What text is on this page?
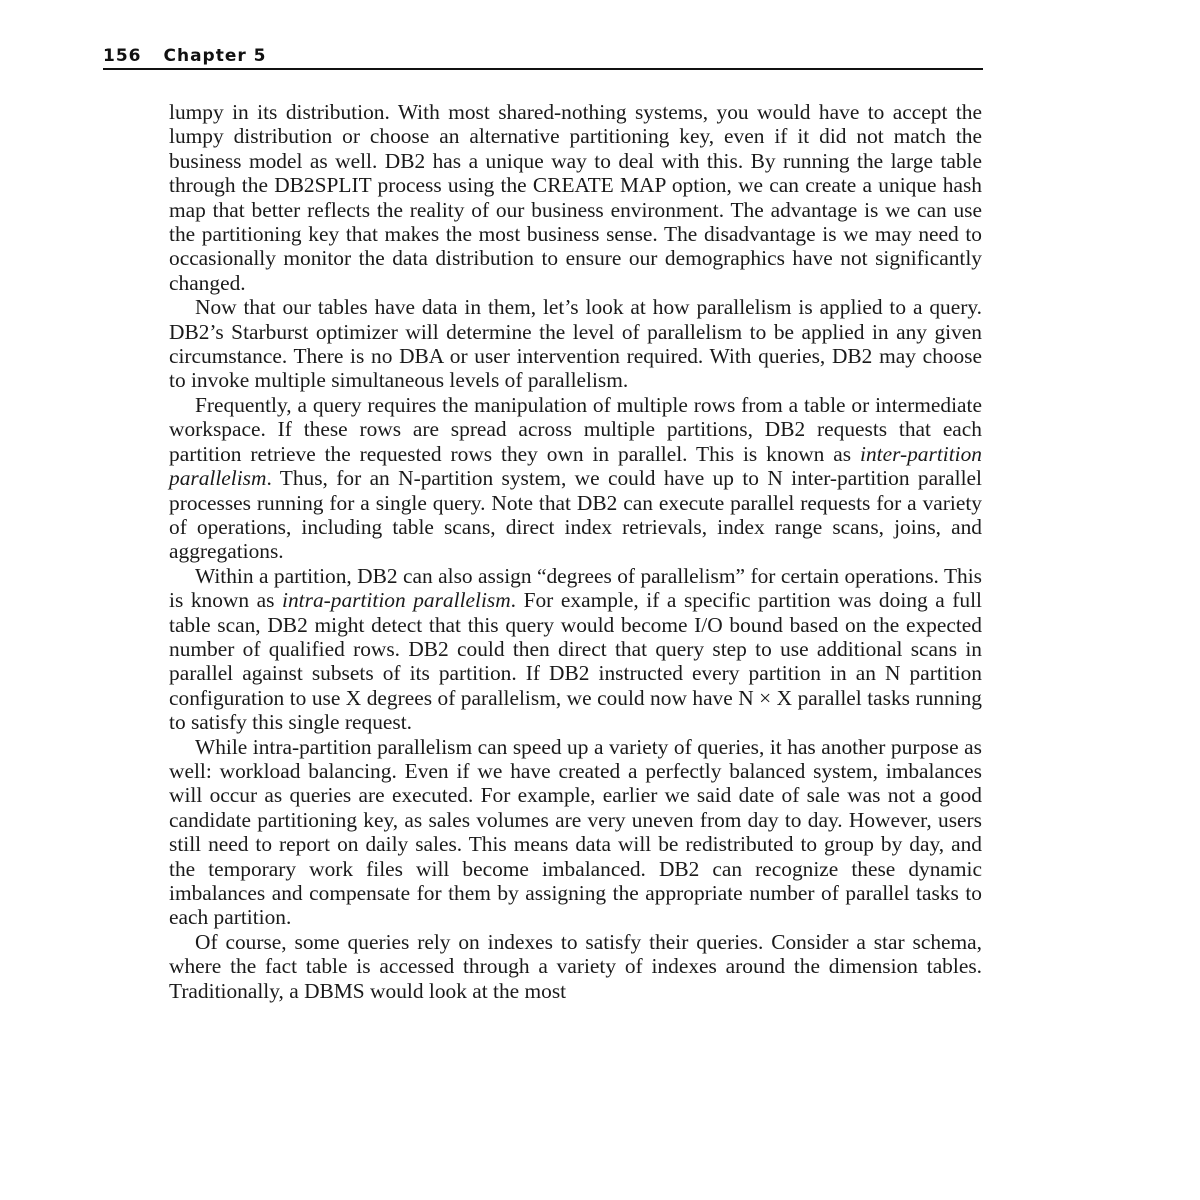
156 Chapter 5

lumpy in its distribution. With most shared-nothing systems, you would have to accept the lumpy distribution or choose an alternative partitioning key, even if it did not match the business model as well. DB2 has a unique way to deal with this. By running the large table through the DB2SPLIT process using the CREATE MAP option, we can create a unique hash map that better reflects the reality of our business environment. The advantage is we can use the partitioning key that makes the most business sense. The disadvantage is we may need to occasionally monitor the data distribution to ensure our demographics have not significantly changed.

Now that our tables have data in them, let’s look at how parallelism is applied to a query. DB2’s Starburst optimizer will determine the level of parallelism to be applied in any given circumstance. There is no DBA or user intervention required. With queries, DB2 may choose to invoke multiple simultaneous levels of parallelism.

Frequently, a query requires the manipulation of multiple rows from a table or intermediate workspace. If these rows are spread across multiple partitions, DB2 requests that each partition retrieve the requested rows they own in parallel. This is known as inter-partition parallelism. Thus, for an N-partition system, we could have up to N inter-partition parallel processes running for a single query. Note that DB2 can execute parallel requests for a variety of operations, including table scans, direct index retrievals, index range scans, joins, and aggregations.

Within a partition, DB2 can also assign “degrees of parallelism” for certain operations. This is known as intra-partition parallelism. For example, if a specific partition was doing a full table scan, DB2 might detect that this query would become I/O bound based on the expected number of qualified rows. DB2 could then direct that query step to use additional scans in parallel against subsets of its partition. If DB2 instructed every partition in an N partition configuration to use X degrees of parallelism, we could now have N × X parallel tasks running to satisfy this single request.

While intra-partition parallelism can speed up a variety of queries, it has another purpose as well: workload balancing. Even if we have created a perfectly balanced system, imbalances will occur as queries are executed. For example, earlier we said date of sale was not a good candidate partitioning key, as sales volumes are very uneven from day to day. However, users still need to report on daily sales. This means data will be redistributed to group by day, and the temporary work files will become imbalanced. DB2 can recognize these dynamic imbalances and compensate for them by assigning the appropriate number of parallel tasks to each partition.

Of course, some queries rely on indexes to satisfy their queries. Consider a star schema, where the fact table is accessed through a variety of indexes around the dimension tables. Traditionally, a DBMS would look at the most
